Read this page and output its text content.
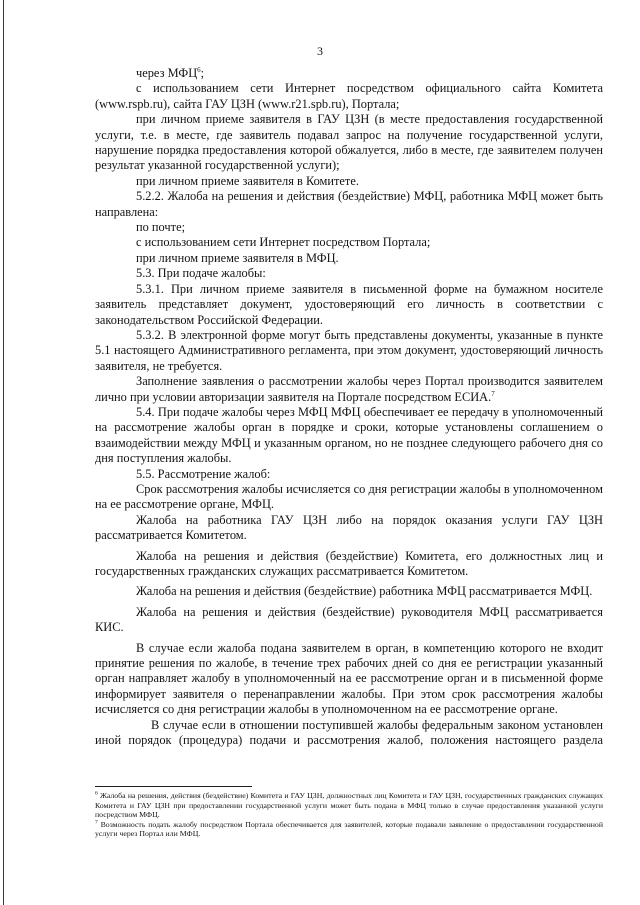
3

через МФЦ$^6$;

с использованием сети Интернет посредством официального сайта Комитета (www.rspb.ru), сайта ГАУ ЦЗН (www.r21.spb.ru), Портала;

при личном приеме заявителя в ГАУ ЦЗН (в месте предоставления государственной услуги, т.е. в месте, где заявитель подавал запрос на получение государственной услуги, нарушение порядка предоставления которой обжалуется, либо в месте, где заявителем получен результат указанной государственной услуги);

при личном приеме заявителя в Комитете.

5.2.2. Жалоба на решения и действия (бездействие) МФЦ, работника МФЦ может быть направлена:

по почте;

с использованием сети Интернет посредством Портала;

при личном приеме заявителя в МФЦ.

5.3. При подаче жалобы:

5.3.1. При личном приеме заявителя в письменной форме на бумажном носителе заявитель представляет документ, удостоверяющий его личность в соответствии с законодательством Российской Федерации.

5.3.2. В электронной форме могут быть представлены документы, указанные в пункте 5.1 настоящего Административного регламента, при этом документ, удостоверяющий личность заявителя, не требуется.

Заполнение заявления о рассмотрении жалобы через Портал производится заявителем лично при условии авторизации заявителя на Портале посредством ЕСИА.$^7$

5.4. При подаче жалобы через МФЦ МФЦ обеспечивает ее передачу в уполномоченный на рассмотрение жалобы орган в порядке и сроки, которые установлены соглашением о взаимодействии между МФЦ и указанным органом, но не позднее следующего рабочего дня со дня поступления жалобы.

5.5. Рассмотрение жалоб:

Срок рассмотрения жалобы исчисляется со дня регистрации жалобы в уполномоченном на ее рассмотрение органе, МФЦ.

Жалоба на работника ГАУ ЦЗН либо на порядок оказания услуги ГАУ ЦЗН рассматривается Комитетом.

Жалоба на решения и действия (бездействие) Комитета, его должностных лиц и государственных гражданских служащих рассматривается Комитетом.

Жалоба на решения и действия (бездействие) работника МФЦ рассматривается МФЦ.

Жалоба на решения и действия (бездействие) руководителя МФЦ рассматривается КИС.

В случае если жалоба подана заявителем в орган, в компетенцию которого не входит принятие решения по жалобе, в течение трех рабочих дней со дня ее регистрации указанный орган направляет жалобу в уполномоченный на ее рассмотрение орган и в письменной форме информирует заявителя о перенаправлении жалобы. При этом срок рассмотрения жалобы исчисляется со дня регистрации жалобы в уполномоченном на ее рассмотрение органе.

В случае если в отношении поступившей жалобы федеральным законом установлен иной порядок (процедура) подачи и рассмотрения жалоб, положения настоящего раздела

$^6$ Жалоба на решения, действия (бездействие) Комитета и ГАУ ЦЗН, должностных лиц Комитета и ГАУ ЦЗН, государственных гражданских служащих Комитета и ГАУ ЦЗН при предоставлении государственной услуги может быть подана в МФЦ только в случае предоставления указанной услуги посредством МФЦ.

$^7$ Возможность подать жалобу посредством Портала обеспечивается для заявителей, которые подавали заявление о предоставлении государственной услуги через Портал или МФЦ.
